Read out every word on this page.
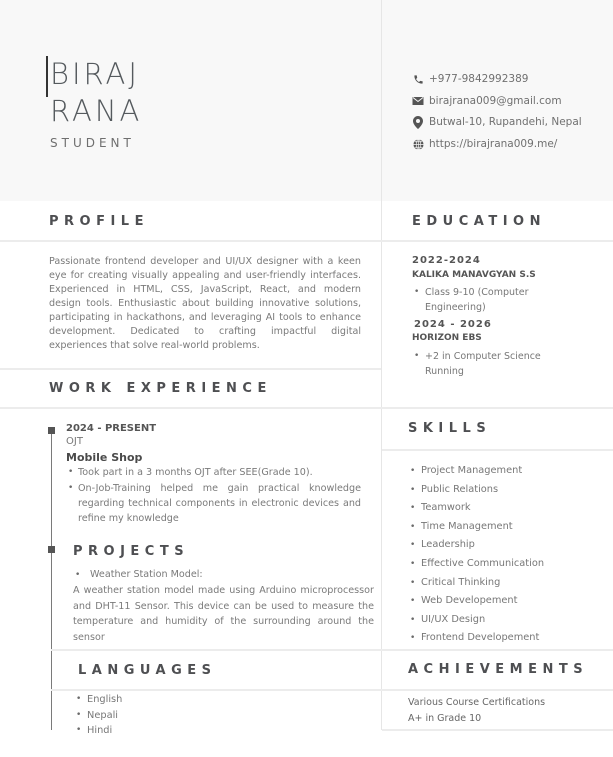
BIRAJ
RANA
STUDENT
+977-9842992389
birajrana009@gmail.com
Butwal-10, Rupandehi, Nepal
https://birajrana009.me/
PROFILE
Passionate frontend developer and UI/UX designer with a keen eye for creating visually appealing and user-friendly interfaces. Experienced in HTML, CSS, JavaScript, React, and modern design tools. Enthusiastic about building innovative solutions, participating in hackathons, and leveraging AI tools to enhance development. Dedicated to crafting impactful digital experiences that solve real-world problems.
EDUCATION
2022-2024
KALIKA MANAVGYAN S.S
• Class 9-10 (Computer Engineering)
2024 - 2026
HORIZON EBS
• +2 in Computer Science Running
WORK EXPERIENCE
2024 - PRESENT
OJT
Mobile Shop
• Took part in a 3 months OJT after SEE(Grade 10).
• On-Job-Training helped me gain practical knowledge regarding technical components in electronic devices and refine my knowledge
PROJECTS
• Weather Station Model:
A weather station model made using Arduino microprocessor and DHT-11 Sensor. This device can be used to measure the temperature and humidity of the surrounding around the sensor
LANGUAGES
• English
• Nepali
• Hindi
SKILLS
• Project Management
• Public Relations
• Teamwork
• Time Management
• Leadership
• Effective Communication
• Critical Thinking
• Web Developement
• UI/UX Design
• Frontend Developement
ACHIEVEMENTS
Various Course Certifications
A+ in Grade 10
